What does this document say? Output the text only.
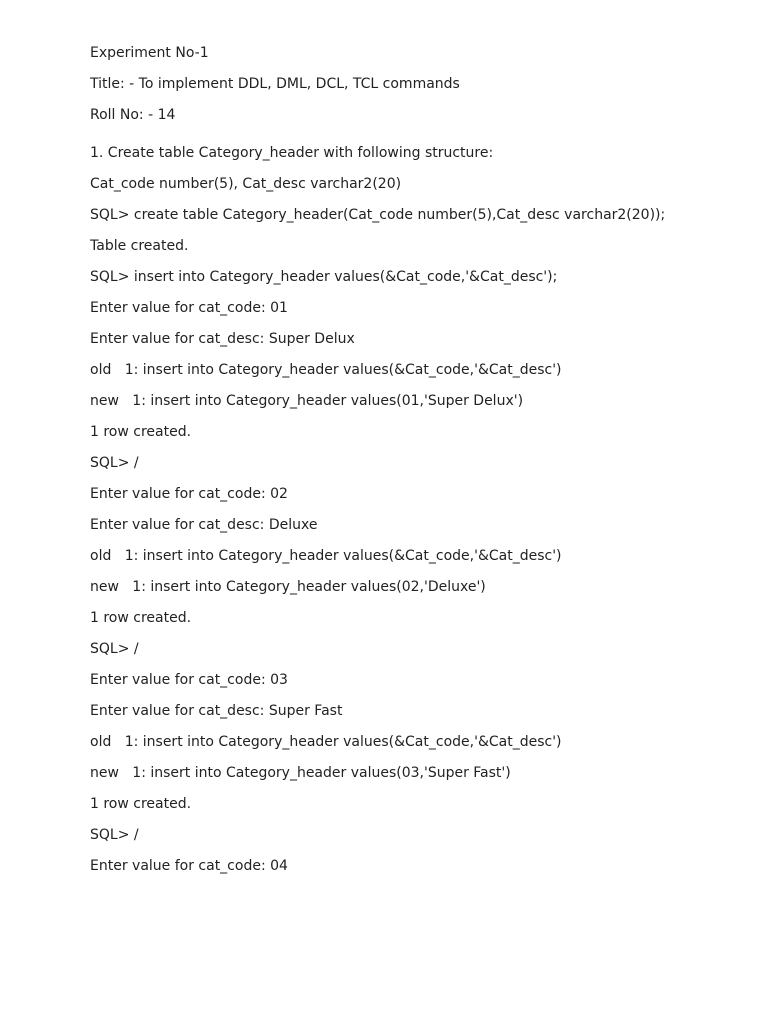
Experiment No-1
Title: - To implement DDL, DML, DCL, TCL commands
Roll No: - 14
1. Create table Category_header with following structure:
Cat_code number(5), Cat_desc varchar2(20)
SQL> create table Category_header(Cat_code number(5),Cat_desc varchar2(20));
Table created.
SQL> insert into Category_header values(&Cat_code,'&Cat_desc');
Enter value for cat_code: 01
Enter value for cat_desc: Super Delux
old   1: insert into Category_header values(&Cat_code,'&Cat_desc')
new   1: insert into Category_header values(01,'Super Delux')
1 row created.
SQL> /
Enter value for cat_code: 02
Enter value for cat_desc: Deluxe
old   1: insert into Category_header values(&Cat_code,'&Cat_desc')
new   1: insert into Category_header values(02,'Deluxe')
1 row created.
SQL> /
Enter value for cat_code: 03
Enter value for cat_desc: Super Fast
old   1: insert into Category_header values(&Cat_code,'&Cat_desc')
new   1: insert into Category_header values(03,'Super Fast')
1 row created.
SQL> /
Enter value for cat_code: 04
